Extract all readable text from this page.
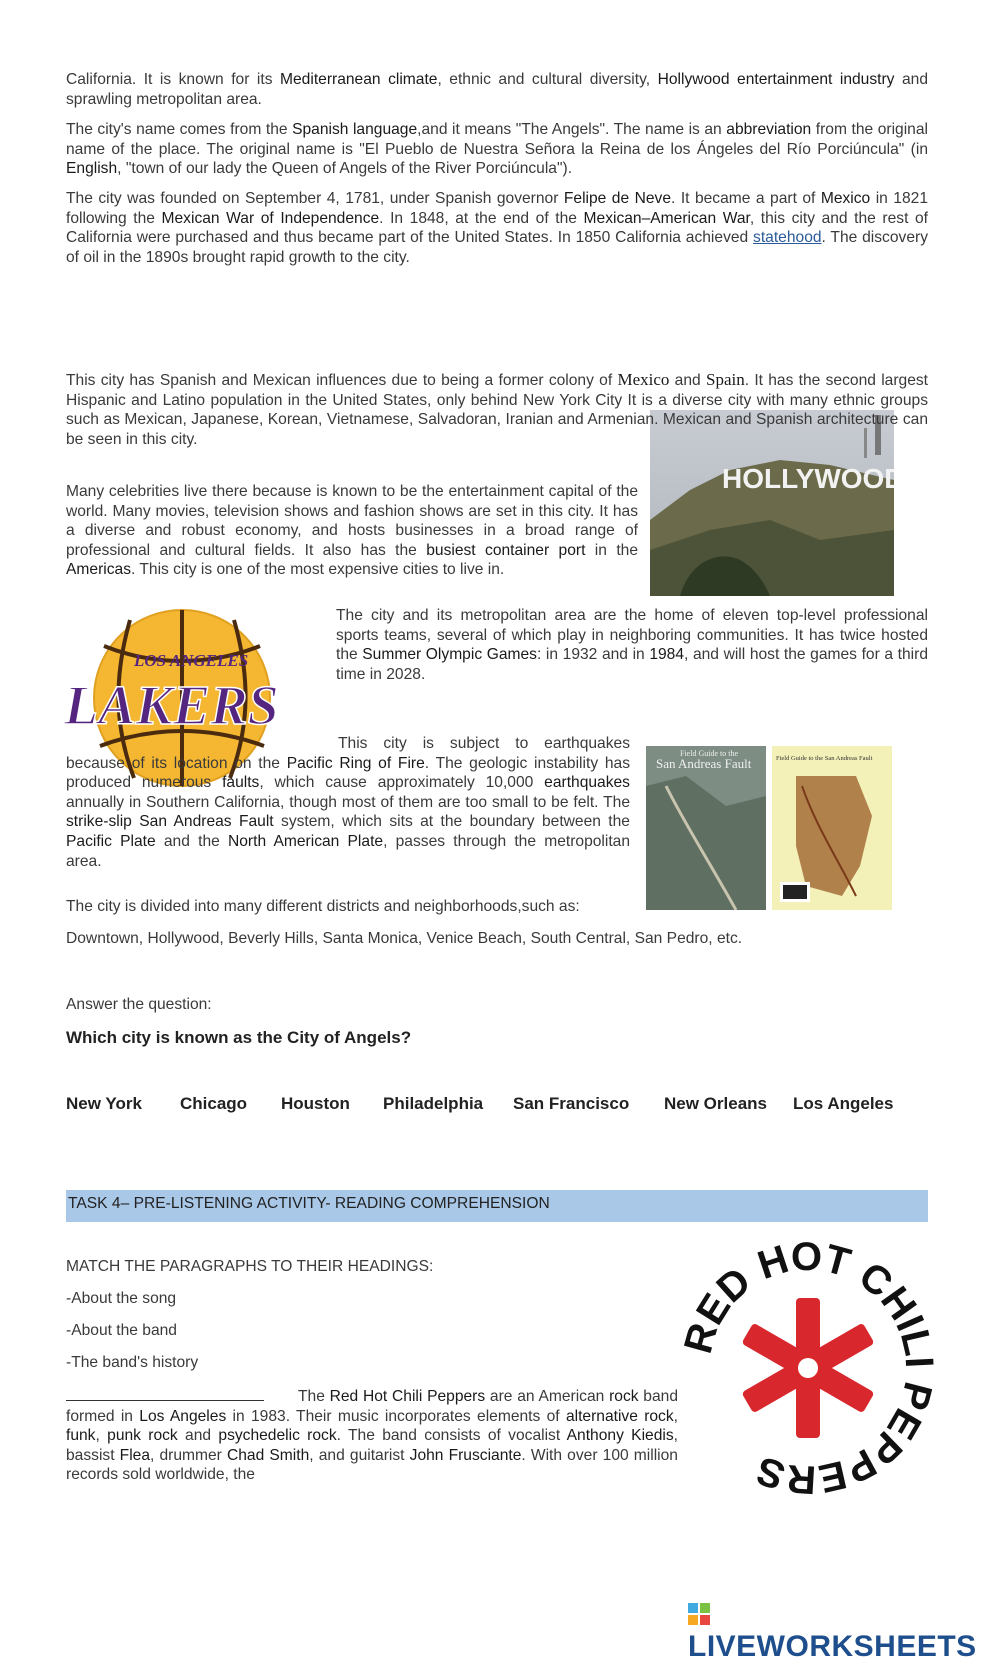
California. It is known for its Mediterranean climate, ethnic and cultural diversity, Hollywood entertainment industry and sprawling metropolitan area.

The city's name comes from the Spanish language,and it means "The Angels". The name is an abbreviation from the original name of the place. The original name is "El Pueblo de Nuestra Señora la Reina de los Ángeles del Río Porciúncula" (in English, "town of our lady the Queen of Angels of the River Porciúncula").

The city was founded on September 4, 1781, under Spanish governor Felipe de Neve. It became a part of Mexico in 1821 following the Mexican War of Independence. In 1848, at the end of the Mexican–American War, this city and the rest of California were purchased and thus became part of the United States. In 1850 California achieved statehood. The discovery of oil in the 1890s brought rapid growth to the city.

HOLLYWOOD

This city has Spanish and Mexican influences due to being a former colony of Mexico and Spain. It has the second largest Hispanic and Latino population in the United States, only behind New York City It is a diverse city with many ethnic groups such as Mexican, Japanese, Korean, Vietnamese, Salvadoran, Iranian and Armenian. Mexican and Spanish architecture can be seen in this city.

Many celebrities live there because is known to be the entertainment capital of the world. Many movies, television shows and fashion shows are set in this city. It has a diverse and robust economy, and hosts businesses in a broad range of professional and cultural fields. It also has the busiest container port in the Americas. This city is one of the most expensive cities to live in.

LOS ANGELES
LAKERS

The city and its metropolitan area are the home of eleven top-level professional sports teams, several of which play in neighboring communities. It has twice hosted the Summer Olympic Games: in 1932 and in 1984, and will host the games for a third time in 2028.

Field Guide to the
San Andreas Fault	Field Guide to the San Andreas Fault

This city is subject to earthquakes because of its location on the Pacific Ring of Fire. The geologic instability has produced numerous faults, which cause approximately 10,000 earthquakes annually in Southern California, though most of them are too small to be felt. The strike-slip San Andreas Fault system, which sits at the boundary between the Pacific Plate and the North American Plate, passes through the metropolitan area.

The city is divided into many different districts and neighborhoods,such as:

Downtown, Hollywood, Beverly Hills, Santa Monica, Venice Beach, South Central, San Pedro, etc.

Answer the question:

Which city is known as the City of Angels?

New York Chicago Houston Philadelphia San Francisco New Orleans Los Angeles
TASK 4– PRE-LISTENING ACTIVITY- READING COMPREHENSION

MATCH THE PARAGRAPHS TO THEIR HEADINGS:

-About the song

-About the band

-The band's history

RED HOT CHIL PEPPERS

The Red Hot Chili Peppers are an American rock band formed in Los Angeles in 1983. Their music incorporates elements of alternative rock, funk, punk rock and psychedelic rock. The band consists of vocalist Anthony Kiedis, bassist Flea, drummer Chad Smith, and guitarist John Frusciante. With over 100 million records sold worldwide, the

LIVEWORKSHEETS
